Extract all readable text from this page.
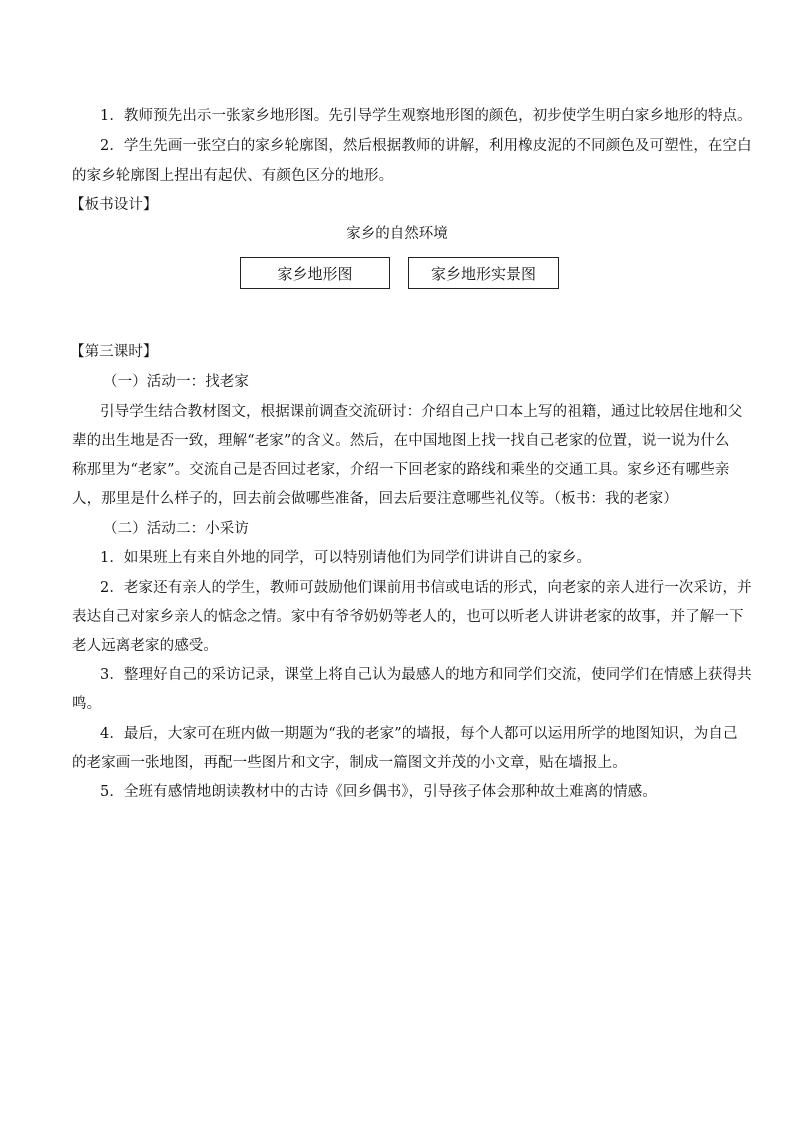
1．教师预先出示一张家乡地形图。先引导学生观察地形图的颜色，初步使学生明白家乡地形的特点。
2．学生先画一张空白的家乡轮廓图，然后根据教师的讲解，利用橡皮泥的不同颜色及可塑性，在空白
的家乡轮廓图上捏出有起伏、有颜色区分的地形。
【板书设计】
家乡的自然环境
家乡地形图	家乡地形实景图
【第三课时】
（一）活动一：找老家
引导学生结合教材图文，根据课前调查交流研讨：介绍自己户口本上写的祖籍，通过比较居住地和父
辈的出生地是否一致，理解“老家”的含义。然后，在中国地图上找一找自己老家的位置，说一说为什么
称那里为“老家”。交流自己是否回过老家，介绍一下回老家的路线和乘坐的交通工具。家乡还有哪些亲
人，那里是什么样子的，回去前会做哪些准备，回去后要注意哪些礼仪等。（板书：我的老家）
（二）活动二：小采访
1．如果班上有来自外地的同学，可以特别请他们为同学们讲讲自己的家乡。
2．老家还有亲人的学生，教师可鼓励他们课前用书信或电话的形式，向老家的亲人进行一次采访，并
表达自己对家乡亲人的惦念之情。家中有爷爷奶奶等老人的，也可以听老人讲讲老家的故事，并了解一下
老人远离老家的感受。
3．整理好自己的采访记录，课堂上将自己认为最感人的地方和同学们交流，使同学们在情感上获得共
鸣。
4．最后，大家可在班内做一期题为“我的老家”的墙报，每个人都可以运用所学的地图知识，为自己
的老家画一张地图，再配一些图片和文字，制成一篇图文并茂的小文章，贴在墙报上。
5．全班有感情地朗读教材中的古诗《回乡偶书》，引导孩子体会那种故土难离的情感。
